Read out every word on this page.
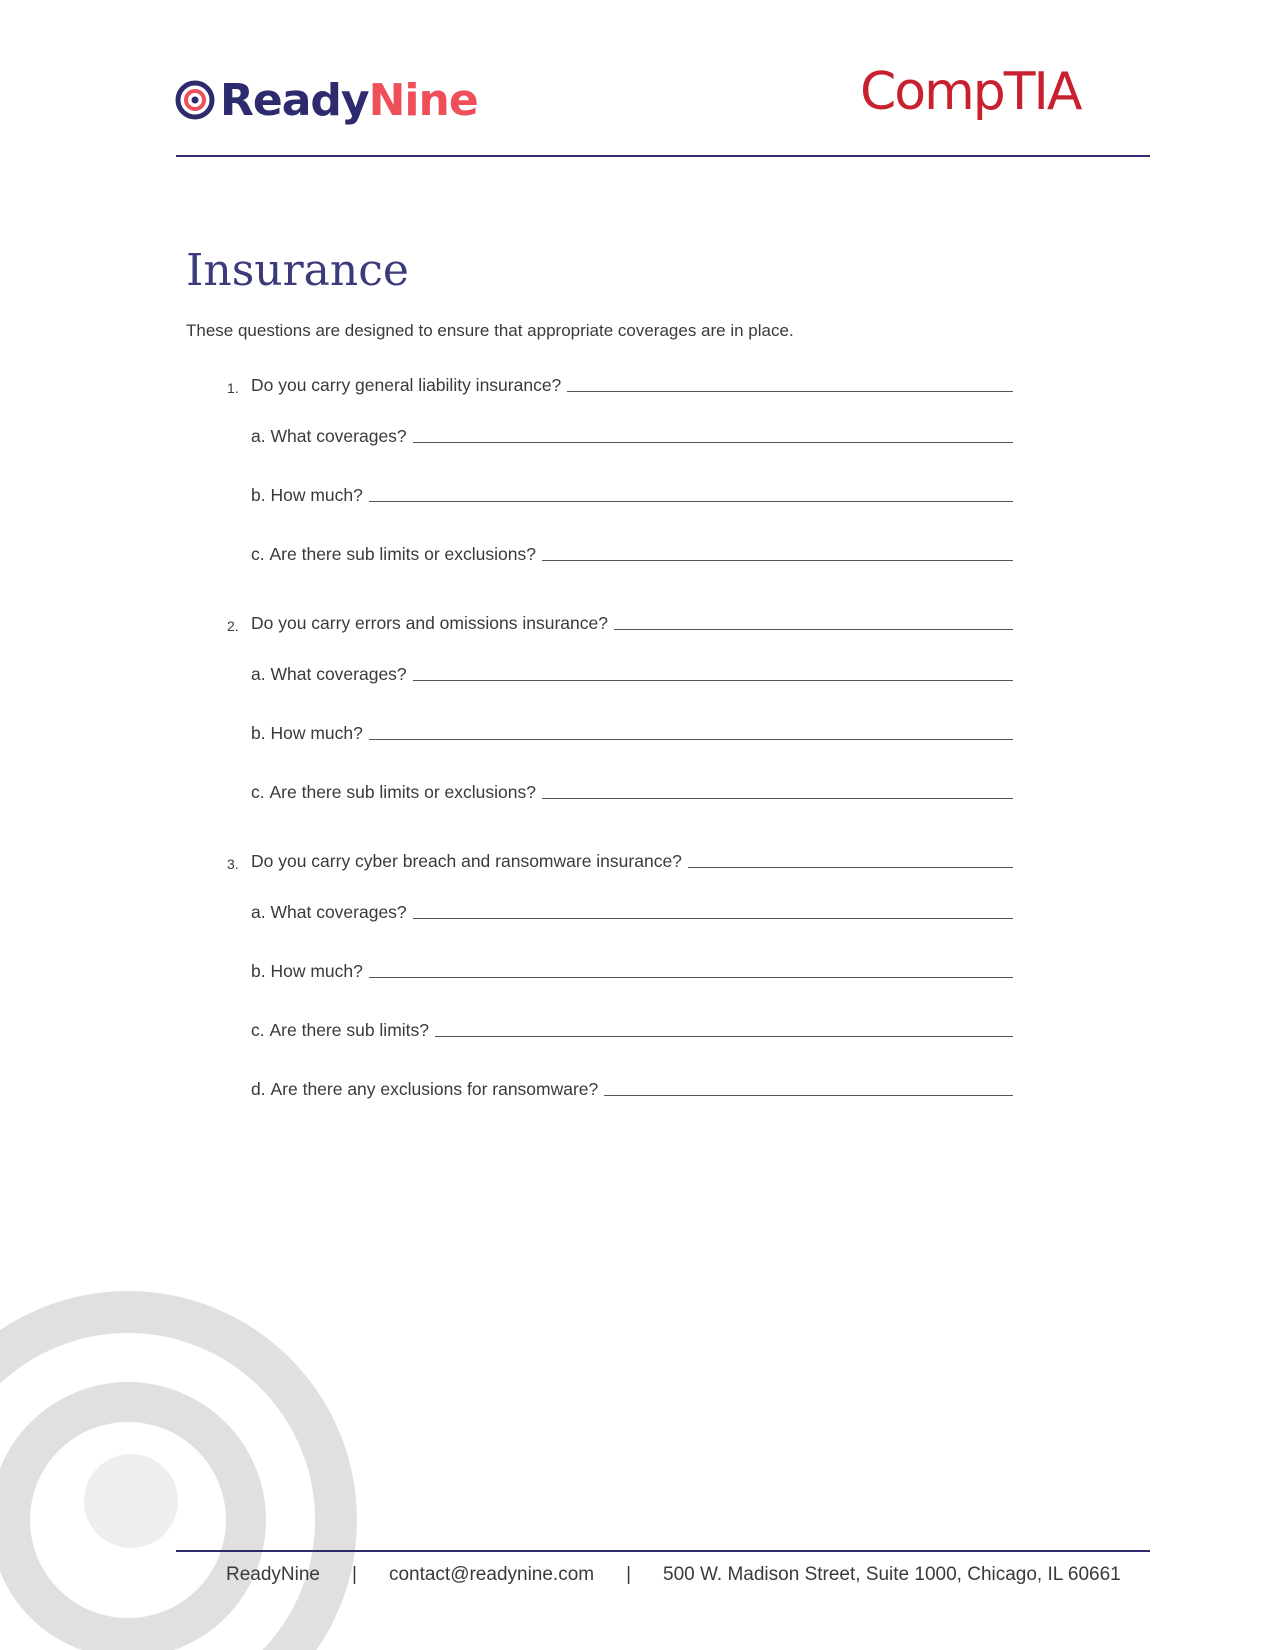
ReadyNine	CompTIA
Insurance

These questions are designed to ensure that appropriate coverages are in place.

1. Do you carry general liability insurance?
a.
What coverages?
b.
How much?
c.
Are there sub limits or exclusions?
2. Do you carry errors and omissions insurance?
a.
What coverages?
b.
How much?
c.
Are there sub limits or exclusions?
3. Do you carry cyber breach and ransomware insurance?
a.
What coverages?
b.
How much?
c.
Are there sub limits?
d.
Are there any exclusions for ransomware?
ReadyNine | contact@readynine.com | 500 W. Madison Street, Suite 1000, Chicago, IL 60661
